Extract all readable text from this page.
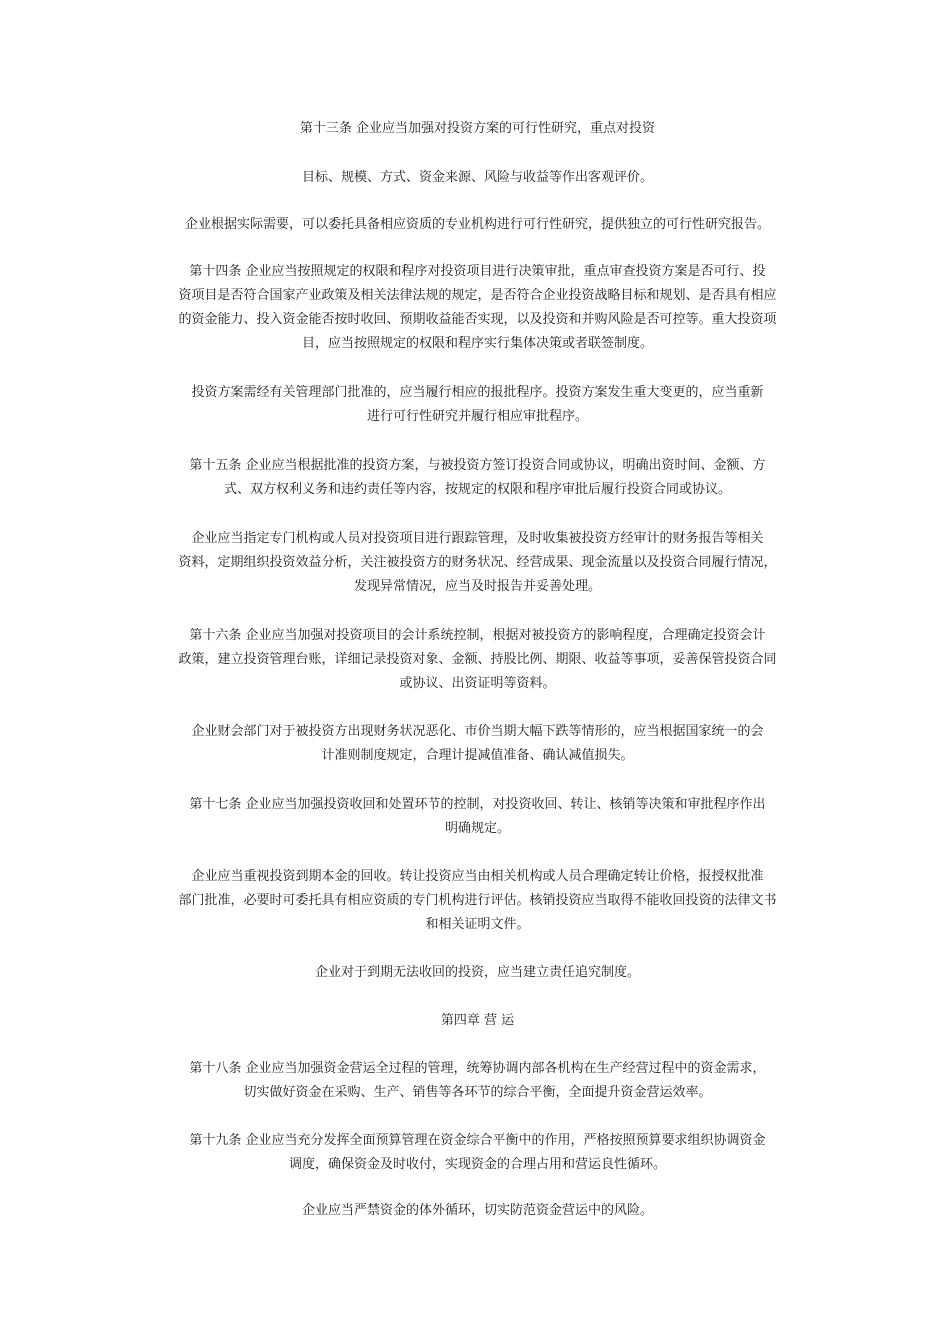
第十三条 企业应当加强对投资方案的可行性研究，重点对投资
目标、规模、方式、资金来源、风险与收益等作出客观评价。
企业根据实际需要，可以委托具备相应资质的专业机构进行可行性研究，提供独立的可行性研究报告。
第十四条 企业应当按照规定的权限和程序对投资项目进行决策审批，重点审查投资方案是否可行、投
资项目是否符合国家产业政策及相关法律法规的规定，是否符合企业投资战略目标和规划、是否具有相应
的资金能力、投入资金能否按时收回、预期收益能否实现，以及投资和并购风险是否可控等。重大投资项
目，应当按照规定的权限和程序实行集体决策或者联签制度。
投资方案需经有关管理部门批准的，应当履行相应的报批程序。投资方案发生重大变更的，应当重新
进行可行性研究并履行相应审批程序。
第十五条 企业应当根据批准的投资方案，与被投资方签订投资合同或协议，明确出资时间、金额、方
式、双方权利义务和违约责任等内容，按规定的权限和程序审批后履行投资合同或协议。
企业应当指定专门机构或人员对投资项目进行跟踪管理，及时收集被投资方经审计的财务报告等相关
资料，定期组织投资效益分析，关注被投资方的财务状况、经营成果、现金流量以及投资合同履行情况，
发现异常情况，应当及时报告并妥善处理。
第十六条 企业应当加强对投资项目的会计系统控制，根据对被投资方的影响程度，合理确定投资会计
政策，建立投资管理台账，详细记录投资对象、金额、持股比例、期限、收益等事项，妥善保管投资合同
或协议、出资证明等资料。
企业财会部门对于被投资方出现财务状况恶化、市价当期大幅下跌等情形的，应当根据国家统一的会
计准则制度规定，合理计提减值准备、确认减值损失。
第十七条 企业应当加强投资收回和处置环节的控制，对投资收回、转让、核销等决策和审批程序作出
明确规定。
企业应当重视投资到期本金的回收。转让投资应当由相关机构或人员合理确定转让价格，报授权批准
部门批准，必要时可委托具有相应资质的专门机构进行评估。核销投资应当取得不能收回投资的法律文书
和相关证明文件。
企业对于到期无法收回的投资，应当建立责任追究制度。
第四章 营 运
第十八条 企业应当加强资金营运全过程的管理，统筹协调内部各机构在生产经营过程中的资金需求，
切实做好资金在采购、生产、销售等各环节的综合平衡，全面提升资金营运效率。
第十九条 企业应当充分发挥全面预算管理在资金综合平衡中的作用，严格按照预算要求组织协调资金
调度，确保资金及时收付，实现资金的合理占用和营运良性循环。
企业应当严禁资金的体外循环，切实防范资金营运中的风险。
